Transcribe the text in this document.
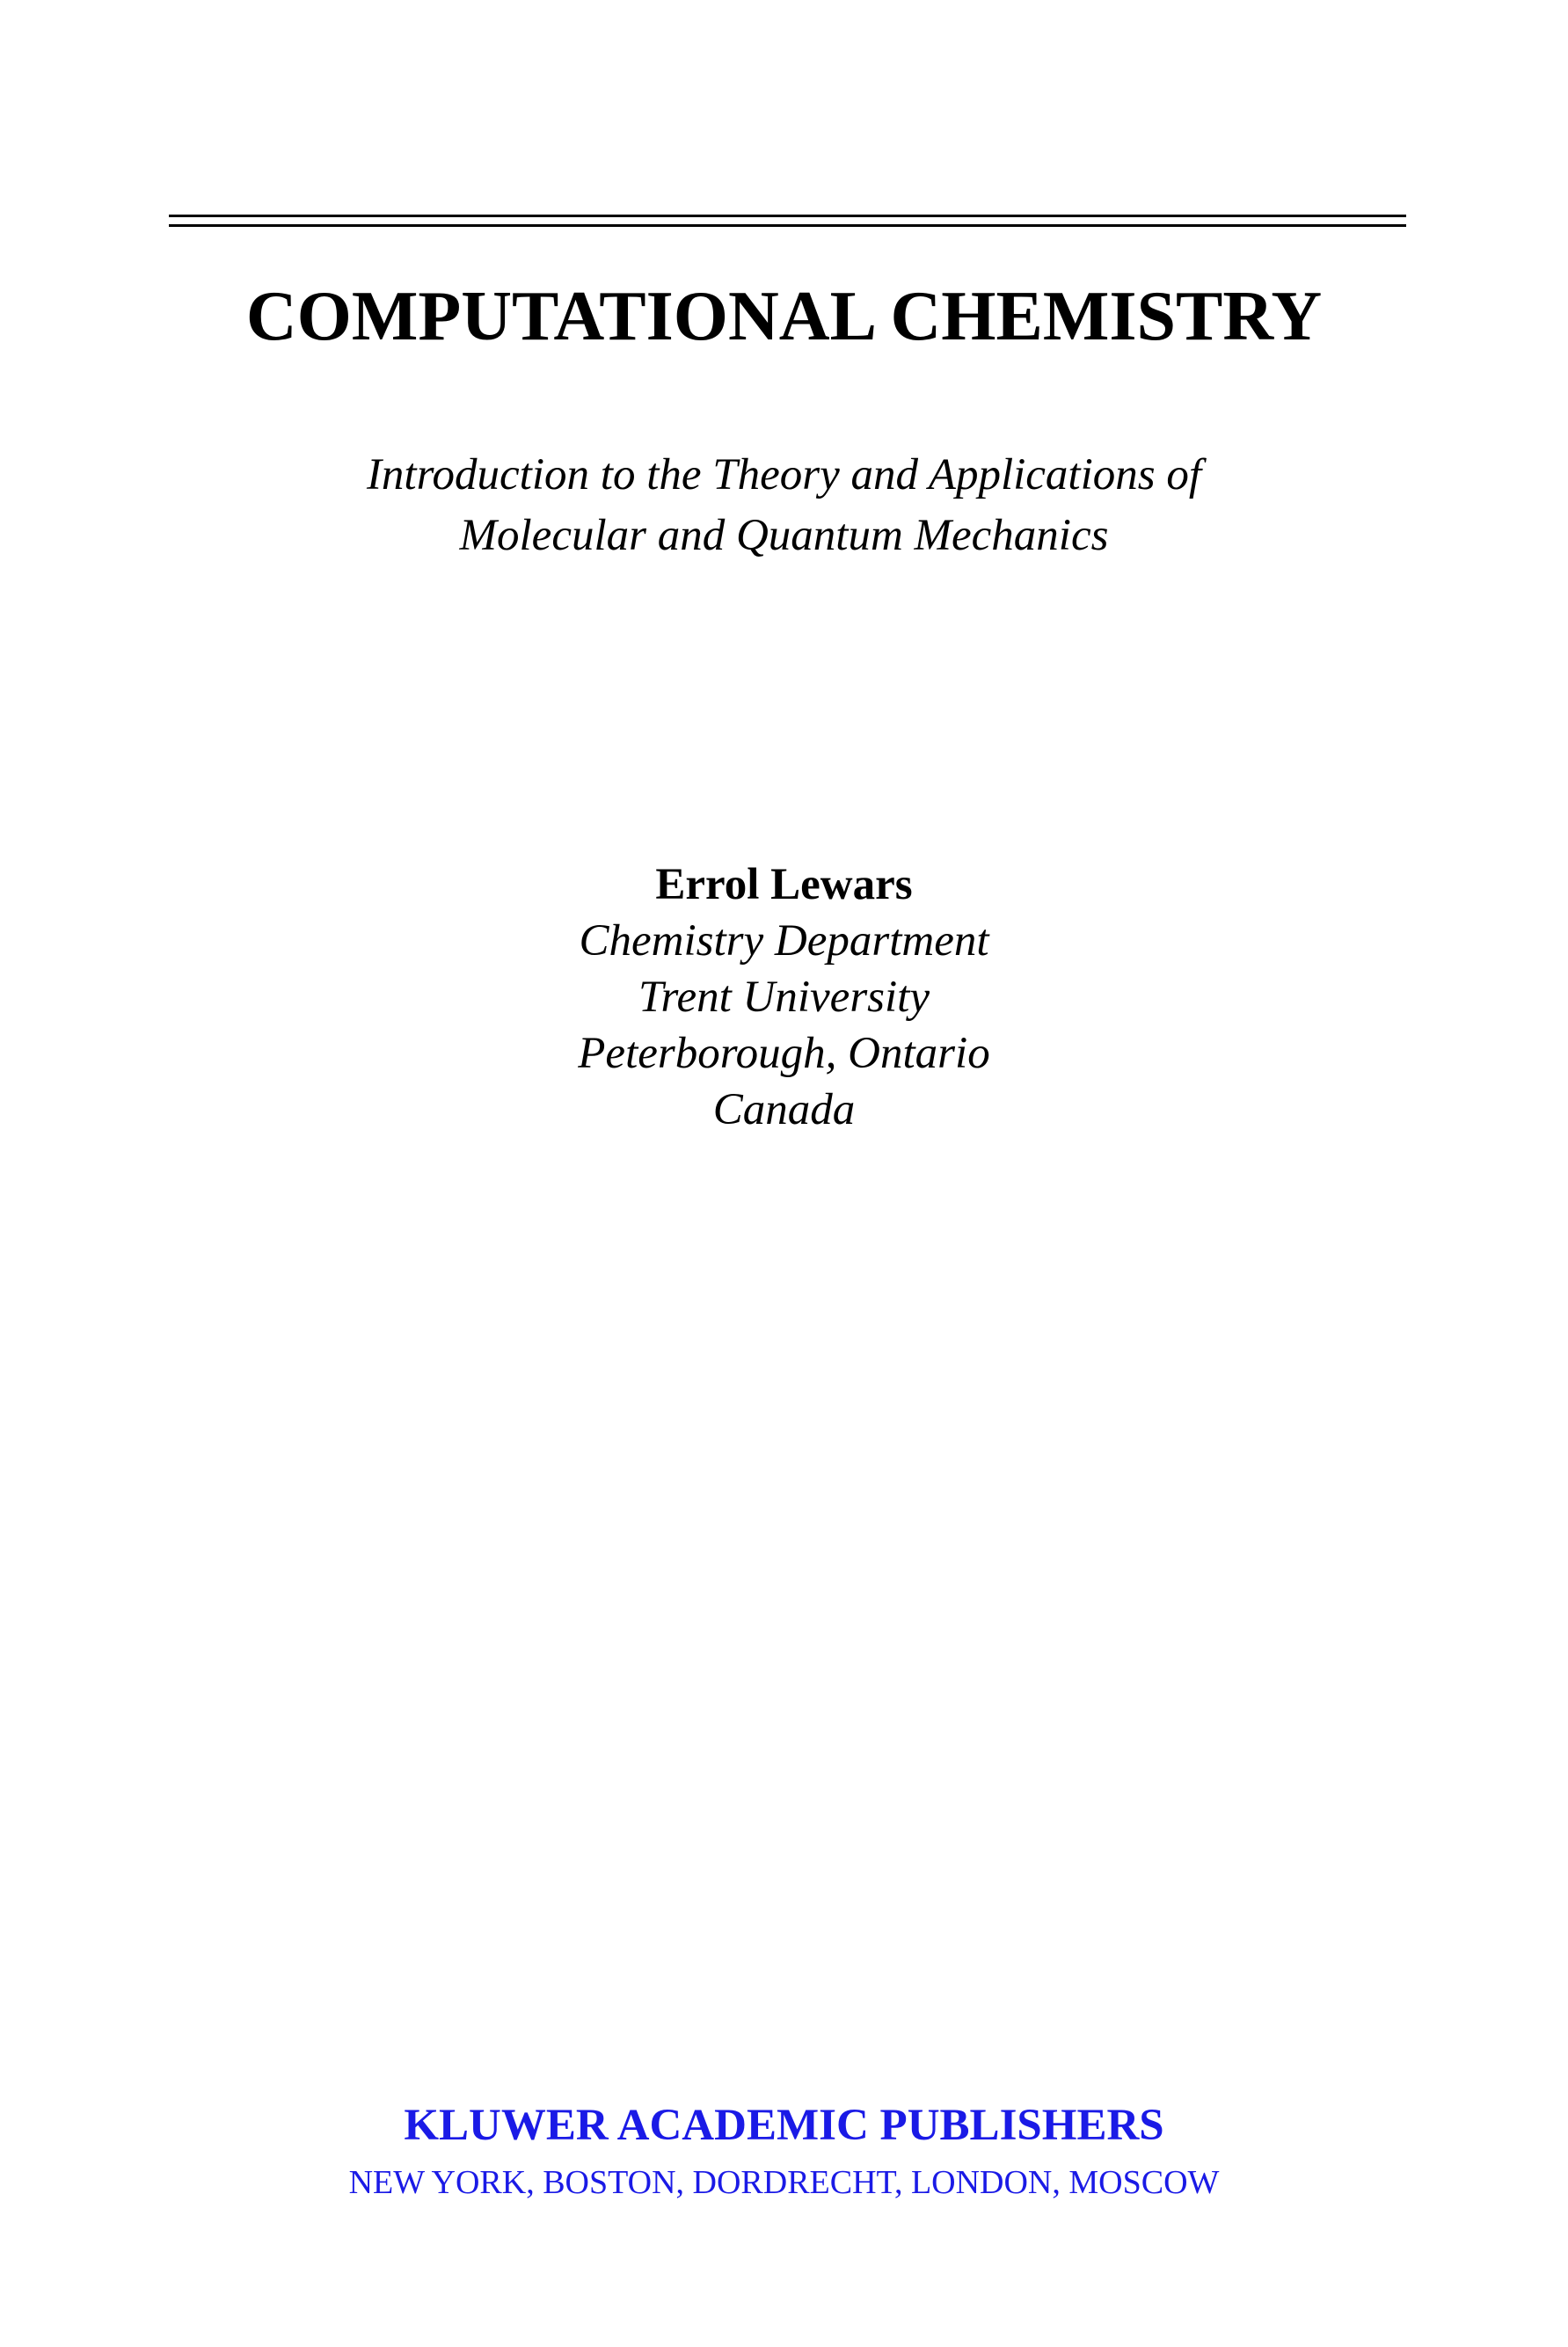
COMPUTATIONAL CHEMISTRY
Introduction to the Theory and Applications of
Molecular and Quantum Mechanics
Errol Lewars
Chemistry Department
Trent University
Peterborough, Ontario
Canada
KLUWER ACADEMIC PUBLISHERS
NEW YORK, BOSTON, DORDRECHT, LONDON, MOSCOW
